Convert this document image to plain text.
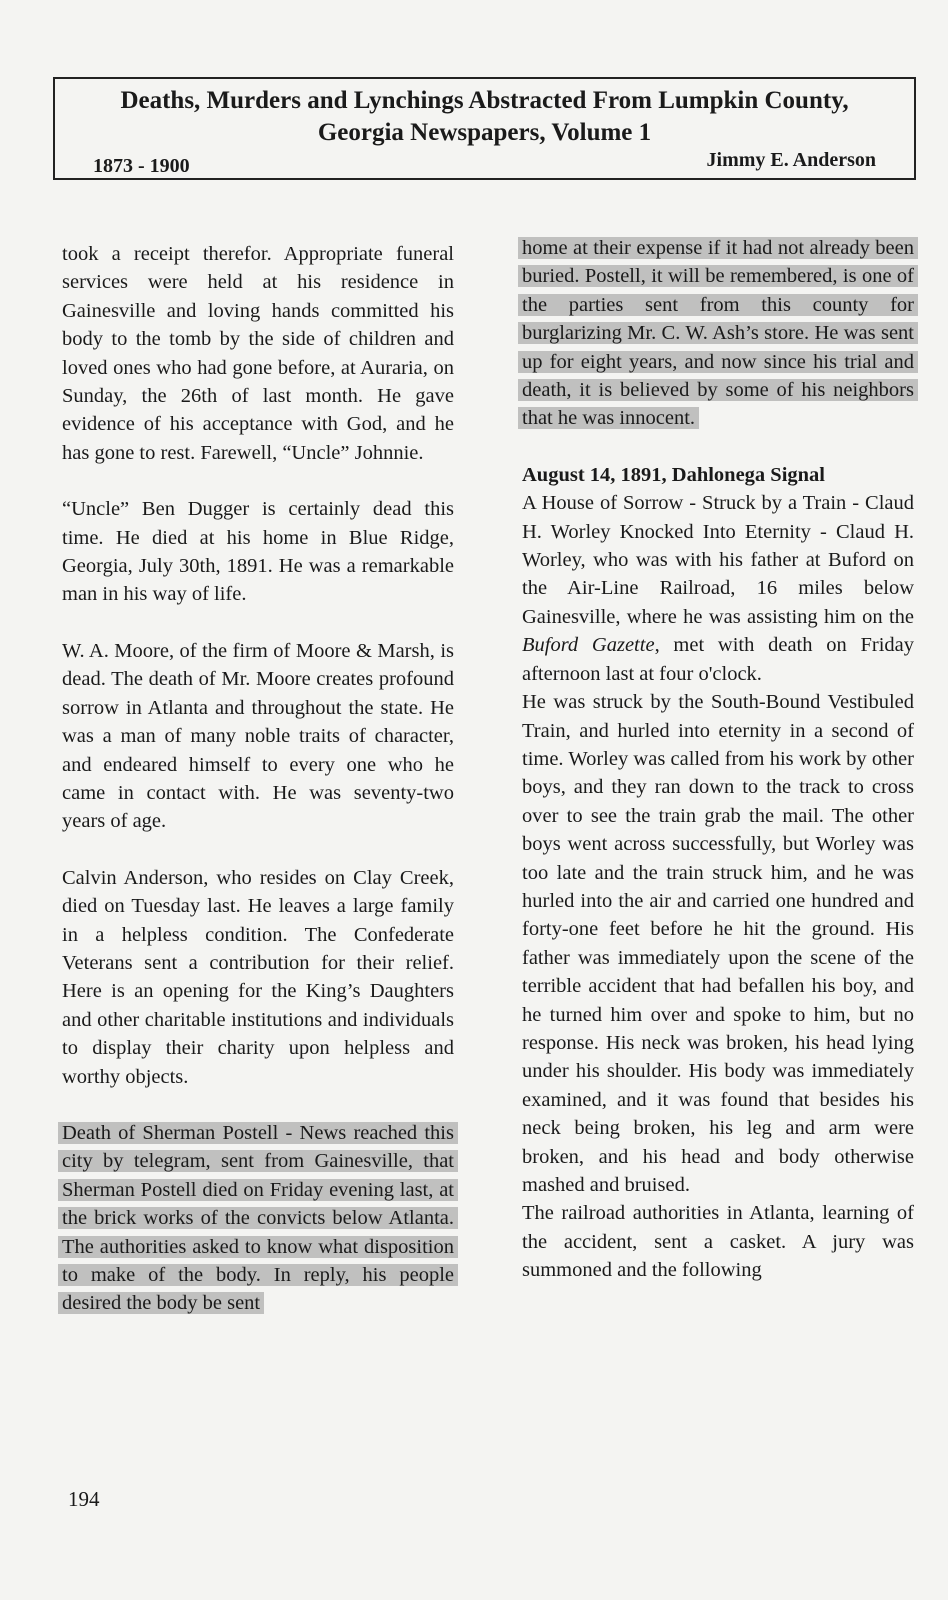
Deaths, Murders and Lynchings Abstracted From Lumpkin County,
Georgia Newspapers, Volume 1
1873 - 1900	Jimmy E. Anderson

took a receipt therefor. Appropriate funeral services were held at his residence in Gainesville and loving hands committed his body to the tomb by the side of children and loved ones who had gone before, at Auraria, on Sunday, the 26th of last month. He gave evidence of his acceptance with God, and he has gone to rest. Farewell, “Uncle” Johnnie.

“Uncle” Ben Dugger is certainly dead this time. He died at his home in Blue Ridge, Georgia, July 30th, 1891. He was a remarkable man in his way of life.

W. A. Moore, of the firm of Moore & Marsh, is dead. The death of Mr. Moore creates profound sorrow in Atlanta and throughout the state. He was a man of many noble traits of character, and endeared himself to every one who he came in contact with. He was seventy-two years of age.

Calvin Anderson, who resides on Clay Creek, died on Tuesday last. He leaves a large family in a helpless condition. The Confederate Veterans sent a contribution for their relief. Here is an opening for the King’s Daughters and other charitable institutions and individuals to display their charity upon helpless and worthy objects.

Death of Sherman Postell - News reached this city by telegram, sent from Gainesville, that Sherman Postell died on Friday evening last, at the brick works of the convicts below Atlanta. The authorities asked to know what disposition to make of the body. In reply, his people desired the body be sent

home at their expense if it had not already been buried. Postell, it will be remembered, is one of the parties sent from this county for burglarizing Mr. C. W. Ash’s store. He was sent up for eight years, and now since his trial and death, it is believed by some of his neighbors that he was innocent.

August 14, 1891, Dahlonega Signal

A House of Sorrow - Struck by a Train - Claud H. Worley Knocked Into Eternity - Claud H. Worley, who was with his father at Buford on the Air-Line Railroad, 16 miles below Gainesville, where he was assisting him on the Buford Gazette, met with death on Friday afternoon last at four o'clock.

He was struck by the South-Bound Vestibuled Train, and hurled into eternity in a second of time. Worley was called from his work by other boys, and they ran down to the track to cross over to see the train grab the mail. The other boys went across successfully, but Worley was too late and the train struck him, and he was hurled into the air and carried one hundred and forty-one feet before he hit the ground. His father was immediately upon the scene of the terrible accident that had befallen his boy, and he turned him over and spoke to him, but no response. His neck was broken, his head lying under his shoulder. His body was immediately examined, and it was found that besides his neck being broken, his leg and arm were broken, and his head and body otherwise mashed and bruised.

The railroad authorities in Atlanta, learning of the accident, sent a casket. A jury was summoned and the following

194
